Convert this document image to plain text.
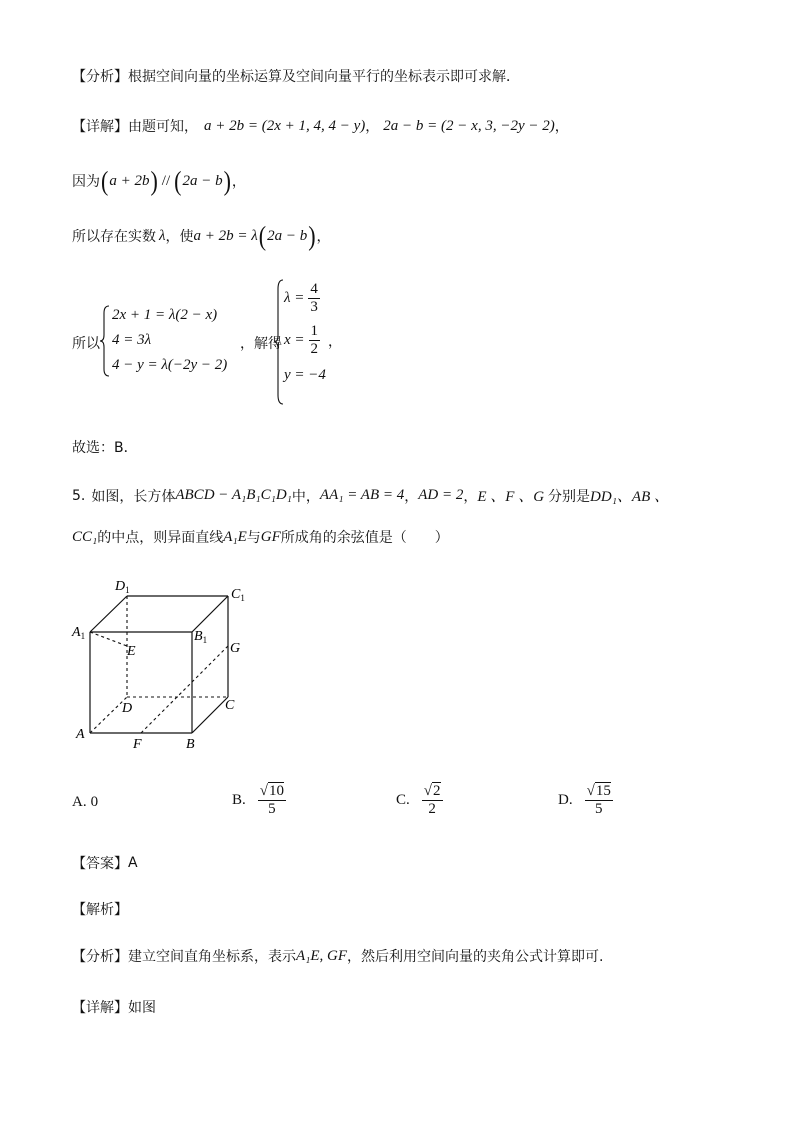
【分析】 根据空间向量的坐标运算及空间向量平行的坐标表示即可求解．
【详解】 由题可知， a + 2b = (2x + 1, 4, 4 − y) ， 2a − b = (2 − x, 3, −2y − 2) ，
因为 ( a + 2b ) // ( 2a − b ) ，
所以存在实数 λ ，使 a + 2b = λ ( 2a − b ) ，
所以
2x + 1 = λ(2 − x)
4 = 3λ
4 − y = λ(−2y − 2)
，解得
$\lambda = \frac{4}{3}$
$x = \frac{1}{2}$ ，
y = −4
故选：B．
5. 如图，长方体 ABCD − A₁B₁C₁D₁ 中， AA₁ = AB = 4 ， AD = 2 ， E 、F 、G 分别是 DD₁、AB 、
CC₁ 的中点，则异面直线 A₁E 与 GF 所成角的余弦值是（　　）
$D_1$	$C_1$
$A_1$	$B_1$
E	G
D	C
A
F	B
A. 0	B. $\frac{√10}{5}$	C. $\frac{√2}{2}$	D. $\frac{√15}{5}$
【答案】 A
【解析】
【分析】 建立空间直角坐标系，表示 A₁E, GF ，然后利用空间向量的夹角公式计算即可.
【详解】 如图
